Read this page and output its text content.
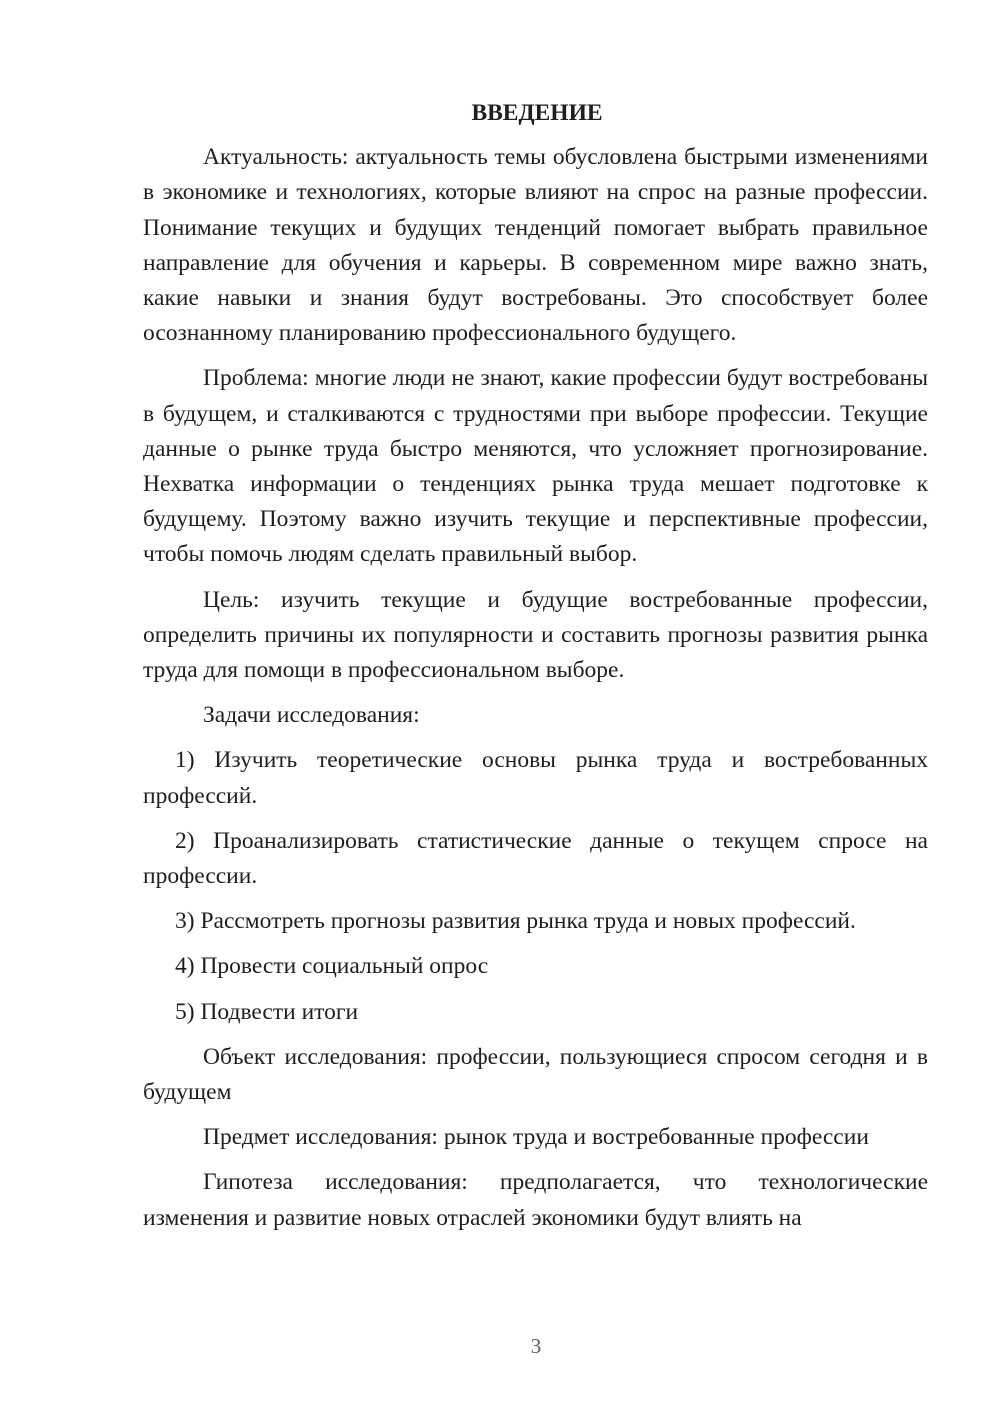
ВВЕДЕНИЕ

Актуальность: актуальность темы обусловлена быстрыми изменениями в экономике и технологиях, которые влияют на спрос на разные профессии. Понимание текущих и будущих тенденций помогает выбрать правильное направление для обучения и карьеры. В современном мире важно знать, какие навыки и знания будут востребованы. Это способствует более осознанному планированию профессионального будущего.

Проблема: многие люди не знают, какие профессии будут востребованы в будущем, и сталкиваются с трудностями при выборе профессии. Текущие данные о рынке труда быстро меняются, что усложняет прогнозирование. Нехватка информации о тенденциях рынка труда мешает подготовке к будущему. Поэтому важно изучить текущие и перспективные профессии, чтобы помочь людям сделать правильный выбор.

Цель: изучить текущие и будущие востребованные профессии, определить причины их популярности и составить прогнозы развития рынка труда для помощи в профессиональном выборе.

Задачи исследования:

1) Изучить теоретические основы рынка труда и востребованных профессий.

2) Проанализировать статистические данные о текущем спросе на профессии.

3) Рассмотреть прогнозы развития рынка труда и новых профессий.

4) Провести социальный опрос

5) Подвести итоги

Объект исследования: профессии, пользующиеся спросом сегодня и в будущем

Предмет исследования: рынок труда и востребованные профессии

Гипотеза исследования: предполагается, что технологические изменения и развитие новых отраслей экономики будут влиять на

3
